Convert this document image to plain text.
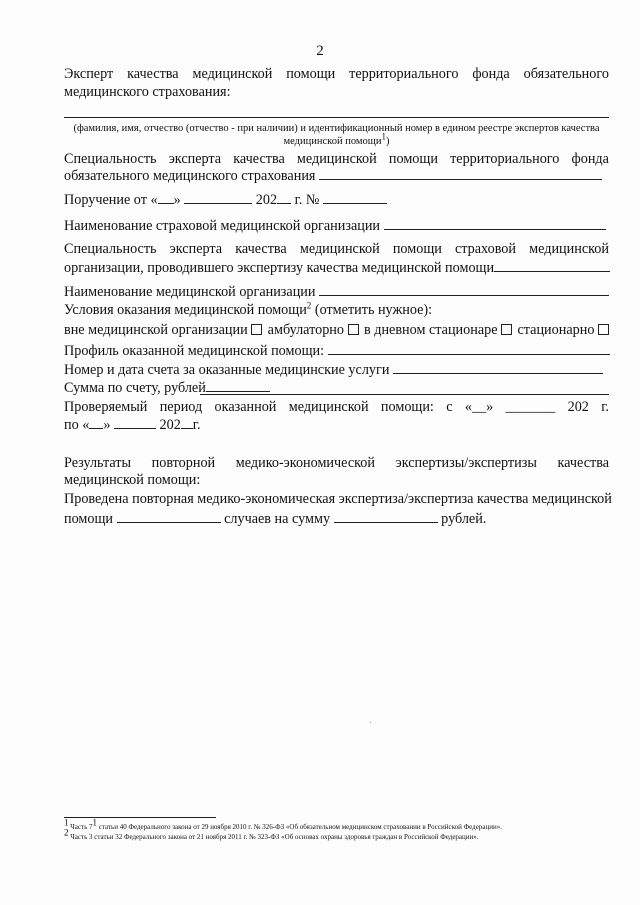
2
Эксперт качества медицинской помощи территориального фонда обязательного
медицинского страхования:
(фамилия, имя, отчество (отчество - при наличии) и идентификационный номер в едином реестре экспертов качества
медицинской помощи$^1$)
Специальность эксперта качества медицинской помощи территориального фонда
обязательного медицинского страхования
Поручение от « »	202 г. №
Наименование страховой медицинской организации
Специальность эксперта качества медицинской помощи страховой медицинской
организации, проводившего экспертизу качества медицинской помощи
Наименование медицинской организации
Условия оказания медицинской помощи$^2$ (отметить нужное):
вне медицинской организации	амбулаторно	в дневном стационаре	стационарно
Профиль оказанной медицинской помощи:
Номер и дата счета за оказанные медицинские услуги
Сумма по счету, рублей
Проверяемый период оказанной медицинской помощи: с «__» _______ 202 г.
по « »	202 г.
Результаты повторной медико-экономической экспертизы/экспертизы качества
медицинской помощи:
Проведена повторная медико-экономическая экспертиза/экспертиза качества медицинской
помощи	случаев на сумму	рублей.
$^1$ Часть $7^1$ статьи 40 Федерального закона от 29 ноября 2010 г. № 326-ФЗ «Об обязательном медицинском страховании в Российской Федерации».
$^2$ Часть 3 статьи 32 Федерального закона от 21 ноября 2011 г. № 323-ФЗ «Об основах охраны здоровья граждан в Российской Федерации».
